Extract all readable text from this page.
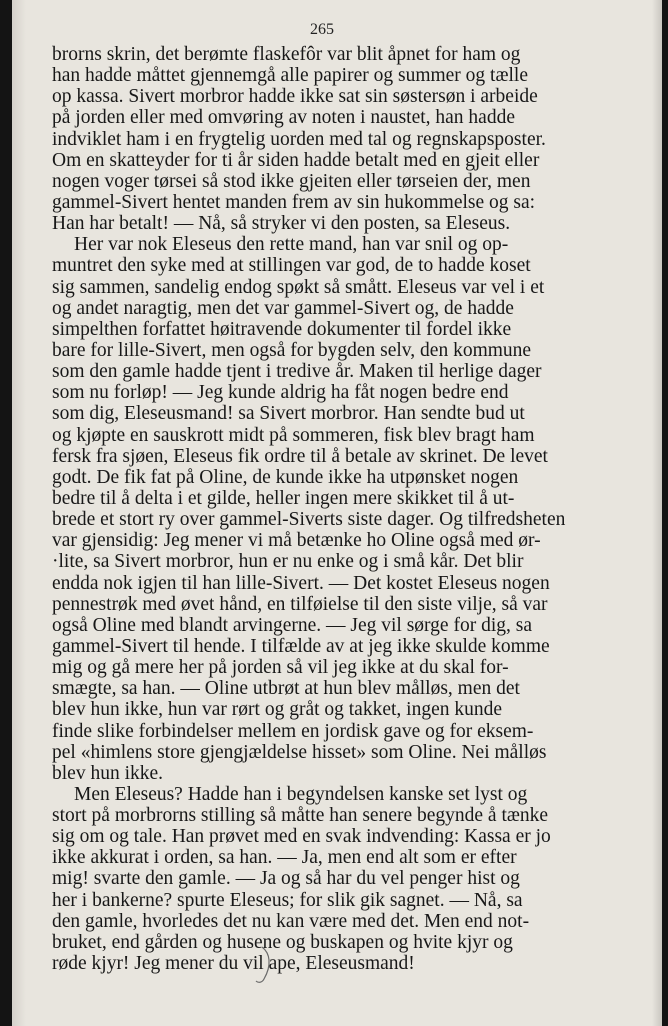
265
brorns skrin, det berømte flaskefôr var blit åpnet for ham og
han hadde måttet gjennemgå alle papirer og summer og tælle
op kassa. Sivert morbror hadde ikke sat sin søstersøn i arbeide
på jorden eller med omvøring av noten i naustet, han hadde
indviklet ham i en frygtelig uorden med tal og regnskapsposter.
Om en skatteyder for ti år siden hadde betalt med en gjeit eller
nogen voger tørsei så stod ikke gjeiten eller tørseien der, men
gammel-Sivert hentet manden frem av sin hukommelse og sa:
Han har betalt! — Nå, så stryker vi den posten, sa Eleseus.
Her var nok Eleseus den rette mand, han var snil og op-
muntret den syke med at stillingen var god, de to hadde koset
sig sammen, sandelig endog spøkt så smått. Eleseus var vel i et
og andet naragtig, men det var gammel-Sivert og, de hadde
simpelthen forfattet høitravende dokumenter til fordel ikke
bare for lille-Sivert, men også for bygden selv, den kommune
som den gamle hadde tjent i tredive år. Maken til herlige dager
som nu forløp! — Jeg kunde aldrig ha fåt nogen bedre end
som dig, Eleseusmand! sa Sivert morbror. Han sendte bud ut
og kjøpte en sauskrott midt på sommeren, fisk blev bragt ham
fersk fra sjøen, Eleseus fik ordre til å betale av skrinet. De levet
godt. De fik fat på Oline, de kunde ikke ha utpønsket nogen
bedre til å delta i et gilde, heller ingen mere skikket til å ut-
brede et stort ry over gammel-Siverts siste dager. Og tilfredsheten
var gjensidig: Jeg mener vi må betænke ho Oline også med ør-
·lite, sa Sivert morbror, hun er nu enke og i små kår. Det blir
endda nok igjen til han lille-Sivert. — Det kostet Eleseus nogen
pennestrøk med øvet hånd, en tilføielse til den siste vilje, så var
også Oline med blandt arvingerne. — Jeg vil sørge for dig, sa
gammel-Sivert til hende. I tilfælde av at jeg ikke skulde komme
mig og gå mere her på jorden så vil jeg ikke at du skal for-
smægte, sa han. — Oline utbrøt at hun blev målløs, men det
blev hun ikke, hun var rørt og gråt og takket, ingen kunde
finde slike forbindelser mellem en jordisk gave og for eksem-
pel «himlens store gjengjældelse hisset» som Oline. Nei målløs
blev hun ikke.
Men Eleseus? Hadde han i begyndelsen kanske set lyst og
stort på morbrorns stilling så måtte han senere begynde å tænke
sig om og tale. Han prøvet med en svak indvending: Kassa er jo
ikke akkurat i orden, sa han. — Ja, men end alt som er efter
mig! svarte den gamle. — Ja og så har du vel penger hist og
her i bankerne? spurte Eleseus; for slik gik sagnet. — Nå, sa
den gamle, hvorledes det nu kan være med det. Men end not-
bruket, end gården og husene og buskapen og hvite kjyr og
røde kjyr! Jeg mener du vil ape, Eleseusmand!
